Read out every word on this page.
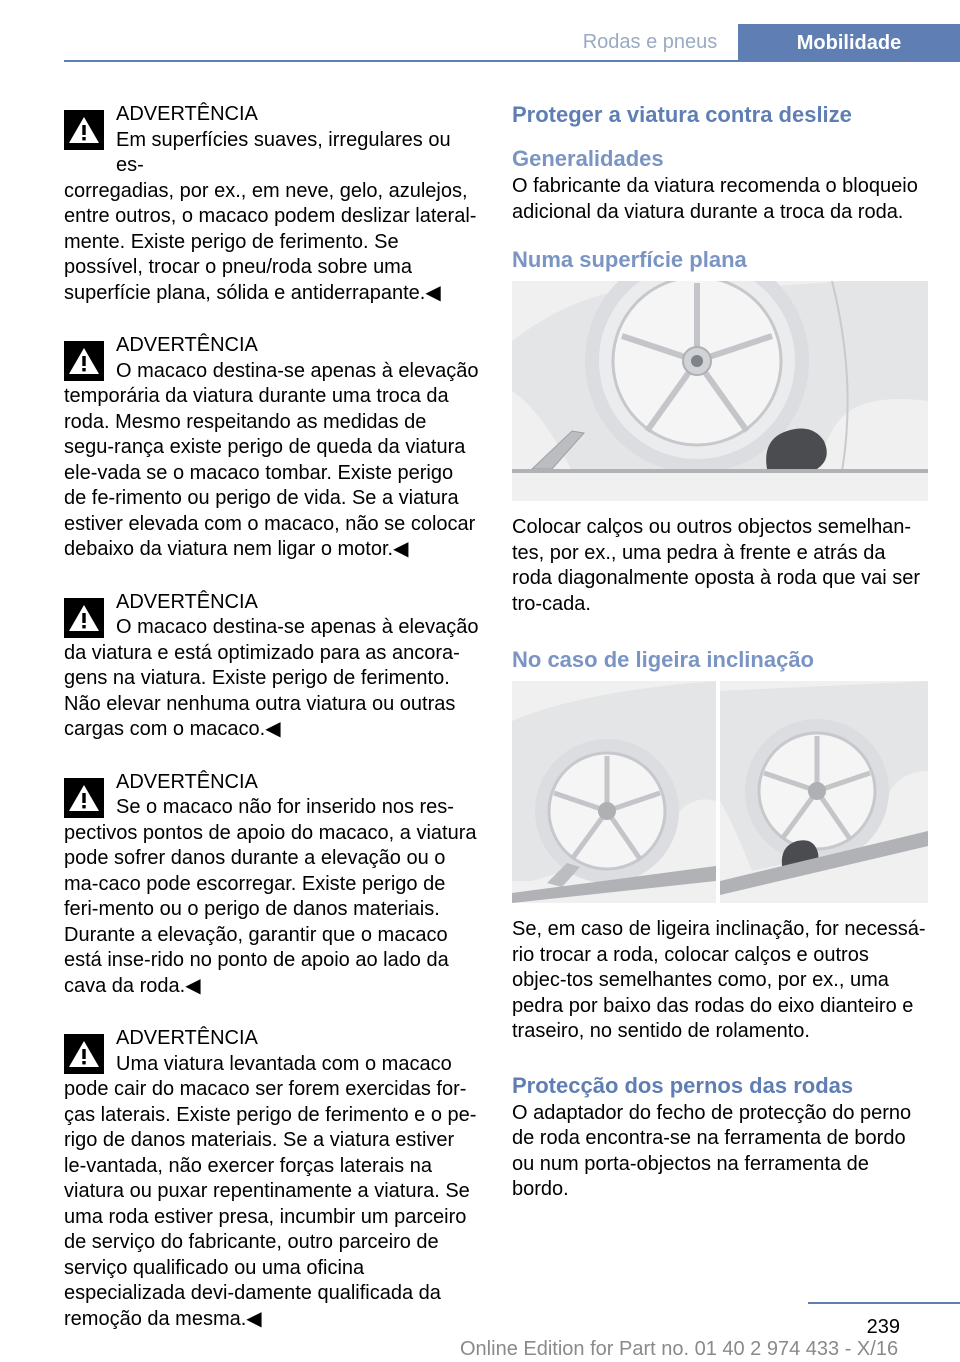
Rodas e pneus	Mobilidade
ADVERTÊNCIA
Em superfícies suaves, irregulares ou es-

corregadias, por ex., em neve, gelo, azulejos, entre outros, o macaco podem deslizar lateral-mente. Existe perigo de ferimento. Se possível, trocar o pneu/roda sobre uma superfície plana, sólida e antiderrapante.◀

ADVERTÊNCIA
O macaco destina-se apenas à elevação

temporária da viatura durante uma troca da roda. Mesmo respeitando as medidas de segu-rança existe perigo de queda da viatura ele-vada se o macaco tombar. Existe perigo de fe-rimento ou perigo de vida. Se a viatura estiver elevada com o macaco, não se colocar debaixo da viatura nem ligar o motor.◀

ADVERTÊNCIA
O macaco destina-se apenas à elevação

da viatura e está optimizado para as ancora-gens na viatura. Existe perigo de ferimento. Não elevar nenhuma outra viatura ou outras cargas com o macaco.◀

ADVERTÊNCIA
Se o macaco não for inserido nos res-

pectivos pontos de apoio do macaco, a viatura pode sofrer danos durante a elevação ou o ma-caco pode escorregar. Existe perigo de feri-mento ou o perigo de danos materiais. Durante a elevação, garantir que o macaco está inse-rido no ponto de apoio ao lado da cava da roda.◀

ADVERTÊNCIA
Uma viatura levantada com o macaco

pode cair do macaco ser forem exercidas for-ças laterais. Existe perigo de ferimento e o pe-rigo de danos materiais. Se a viatura estiver le-vantada, não exercer forças laterais na viatura ou puxar repentinamente a viatura. Se uma roda estiver presa, incumbir um parceiro de serviço do fabricante, outro parceiro de serviço qualificado ou uma oficina especializada devi-damente qualificada da remoção da mesma.◀

Proteger a viatura contra deslize
Generalidades

O fabricante da viatura recomenda o bloqueio adicional da viatura durante a troca da roda.

Numa superfície plana

Colocar calços ou outros objectos semelhan-tes, por ex., uma pedra à frente e atrás da roda diagonalmente oposta à roda que vai ser tro-cada.

No caso de ligeira inclinação

Se, em caso de ligeira inclinação, for necessá-rio trocar a roda, colocar calços e outros objec-tos semelhantes como, por ex., uma pedra por baixo das rodas do eixo dianteiro e traseiro, no sentido de rolamento.

Protecção dos pernos das rodas

O adaptador do fecho de protecção do perno de roda encontra-se na ferramenta de bordo ou num porta-objectos na ferramenta de bordo.

239
Online Edition for Part no. 01 40 2 974 433 - X/16
